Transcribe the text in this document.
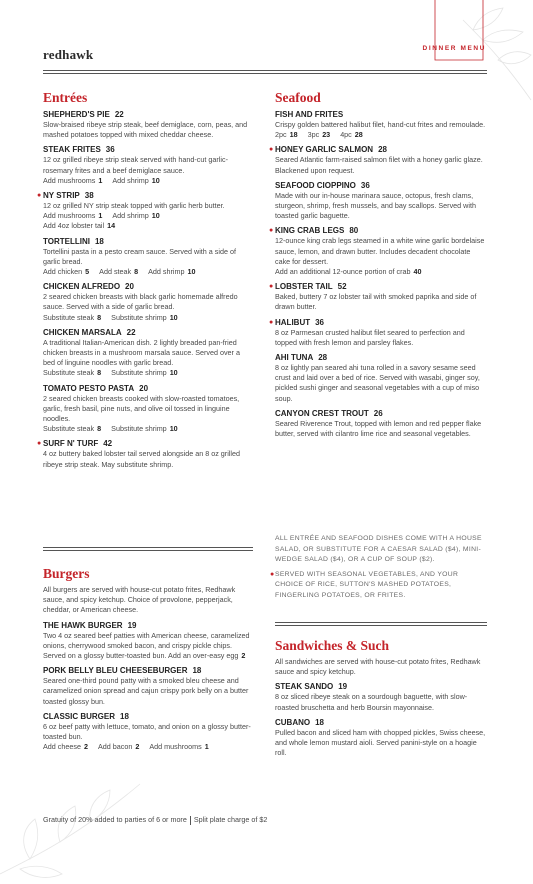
redhawk	DINNER MENU
Entrées
SHEPHERD'S PIE 22
Slow-braised ribeye strip steak, beef demiglace, corn, peas, and mashed potatoes topped with mixed cheddar cheese.
STEAK FRITES 36
12 oz grilled ribeye strip steak served with hand-cut garlic-rosemary frites and a beef demiglace sauce.
Add mushrooms 1 Add shrimp 10
● NY STRIP 38
12 oz grilled NY strip steak topped with garlic herb butter.
Add mushrooms 1 Add shrimp 10
Add 4oz lobster tail 14
TORTELLINI 18
Tortellini pasta in a pesto cream sauce. Served with a side of garlic bread.
Add chicken 5 Add steak 8 Add shrimp 10
CHICKEN ALFREDO 20
2 seared chicken breasts with black garlic homemade alfredo sauce. Served with a side of garlic bread.
Substitute steak 8 Substitute shrimp 10
CHICKEN MARSALA 22
A traditional Italian-American dish. 2 lightly breaded pan-fried chicken breasts in a mushroom marsala sauce. Served over a bed of linguine noodles with garlic bread.
Substitute steak 8 Substitute shrimp 10
TOMATO PESTO PASTA 20
2 seared chicken breasts cooked with slow-roasted tomatoes, garlic, fresh basil, pine nuts, and olive oil tossed in linguine noodles.
Substitute steak 8 Substitute shrimp 10
● SURF N' TURF 42
4 oz buttery baked lobster tail served alongside an 8 oz grilled ribeye strip steak. May substitute shrimp.
Seafood
FISH AND FRITES
Crispy golden battered halibut filet, hand-cut frites and remoulade.
2pc 18 3pc 23 4pc 28
● HONEY GARLIC SALMON 28
Seared Atlantic farm-raised salmon filet with a honey garlic glaze. Blackened upon request.
SEAFOOD CIOPPINO 36
Made with our in-house marinara sauce, octopus, fresh clams, sturgeon, shrimp, fresh mussels, and bay scallops. Served with toasted garlic baguette.
● KING CRAB LEGS 80
12-ounce king crab legs steamed in a white wine garlic bordelaise sauce, lemon, and drawn butter. Includes decadent chocolate cake for dessert.
Add an additional 12-ounce portion of crab 40
● LOBSTER TAIL 52
Baked, buttery 7 oz lobster tail with smoked paprika and side of drawn butter.
● HALIBUT 36
8 oz Parmesan crusted halibut filet seared to perfection and topped with fresh lemon and parsley flakes.
AHI TUNA 28
8 oz lightly pan seared ahi tuna rolled in a savory sesame seed crust and laid over a bed of rice. Served with wasabi, ginger soy, pickled sushi ginger and seasonal vegetables with a cup of miso soup.
CANYON CREST TROUT 26
Seared Riverence Trout, topped with lemon and red pepper flake butter, served with cilantro lime rice and seasonal vegetables.
ALL ENTRÉE AND SEAFOOD DISHES COME WITH A HOUSE SALAD, OR SUBSTITUTE FOR A CAESAR SALAD ($4), MINI-WEDGE SALAD ($4), OR A CUP OF SOUP ($2).
● SERVED WITH SEASONAL VEGETABLES, AND YOUR CHOICE OF RICE, SUTTON'S MASHED POTATOES, FINGERLING POTATOES, OR FRITES.
Burgers
All burgers are served with house-cut potato frites, Redhawk sauce, and spicy ketchup. Choice of provolone, pepperjack, cheddar, or American cheese.
THE HAWK BURGER 19
Two 4 oz seared beef patties with American cheese, caramelized onions, cherrywood smoked bacon, and crispy pickle chips. Served on a glossy butter-toasted bun. Add an over-easy egg 2
PORK BELLY BLEU CHEESEBURGER 18
Seared one-third pound patty with a smoked bleu cheese and caramelized onion spread and cajun crispy pork belly on a butter toasted glossy bun.
CLASSIC BURGER 18
6 oz beef patty with lettuce, tomato, and onion on a glossy butter-toasted bun.
Add cheese 2 Add bacon 2 Add mushrooms 1
Sandwiches & Such
All sandwiches are served with house-cut potato frites, Redhawk sauce and spicy ketchup.
STEAK SANDO 19
8 oz sliced ribeye steak on a sourdough baguette, with slow-roasted bruschetta and herb Boursin mayonnaise.
CUBANO 18
Pulled bacon and sliced ham with chopped pickles, Swiss cheese, and whole lemon mustard aioli. Served panini-style on a hoagie roll.
Gratuity of 20% added to parties of 6 or more Split plate charge of $2
